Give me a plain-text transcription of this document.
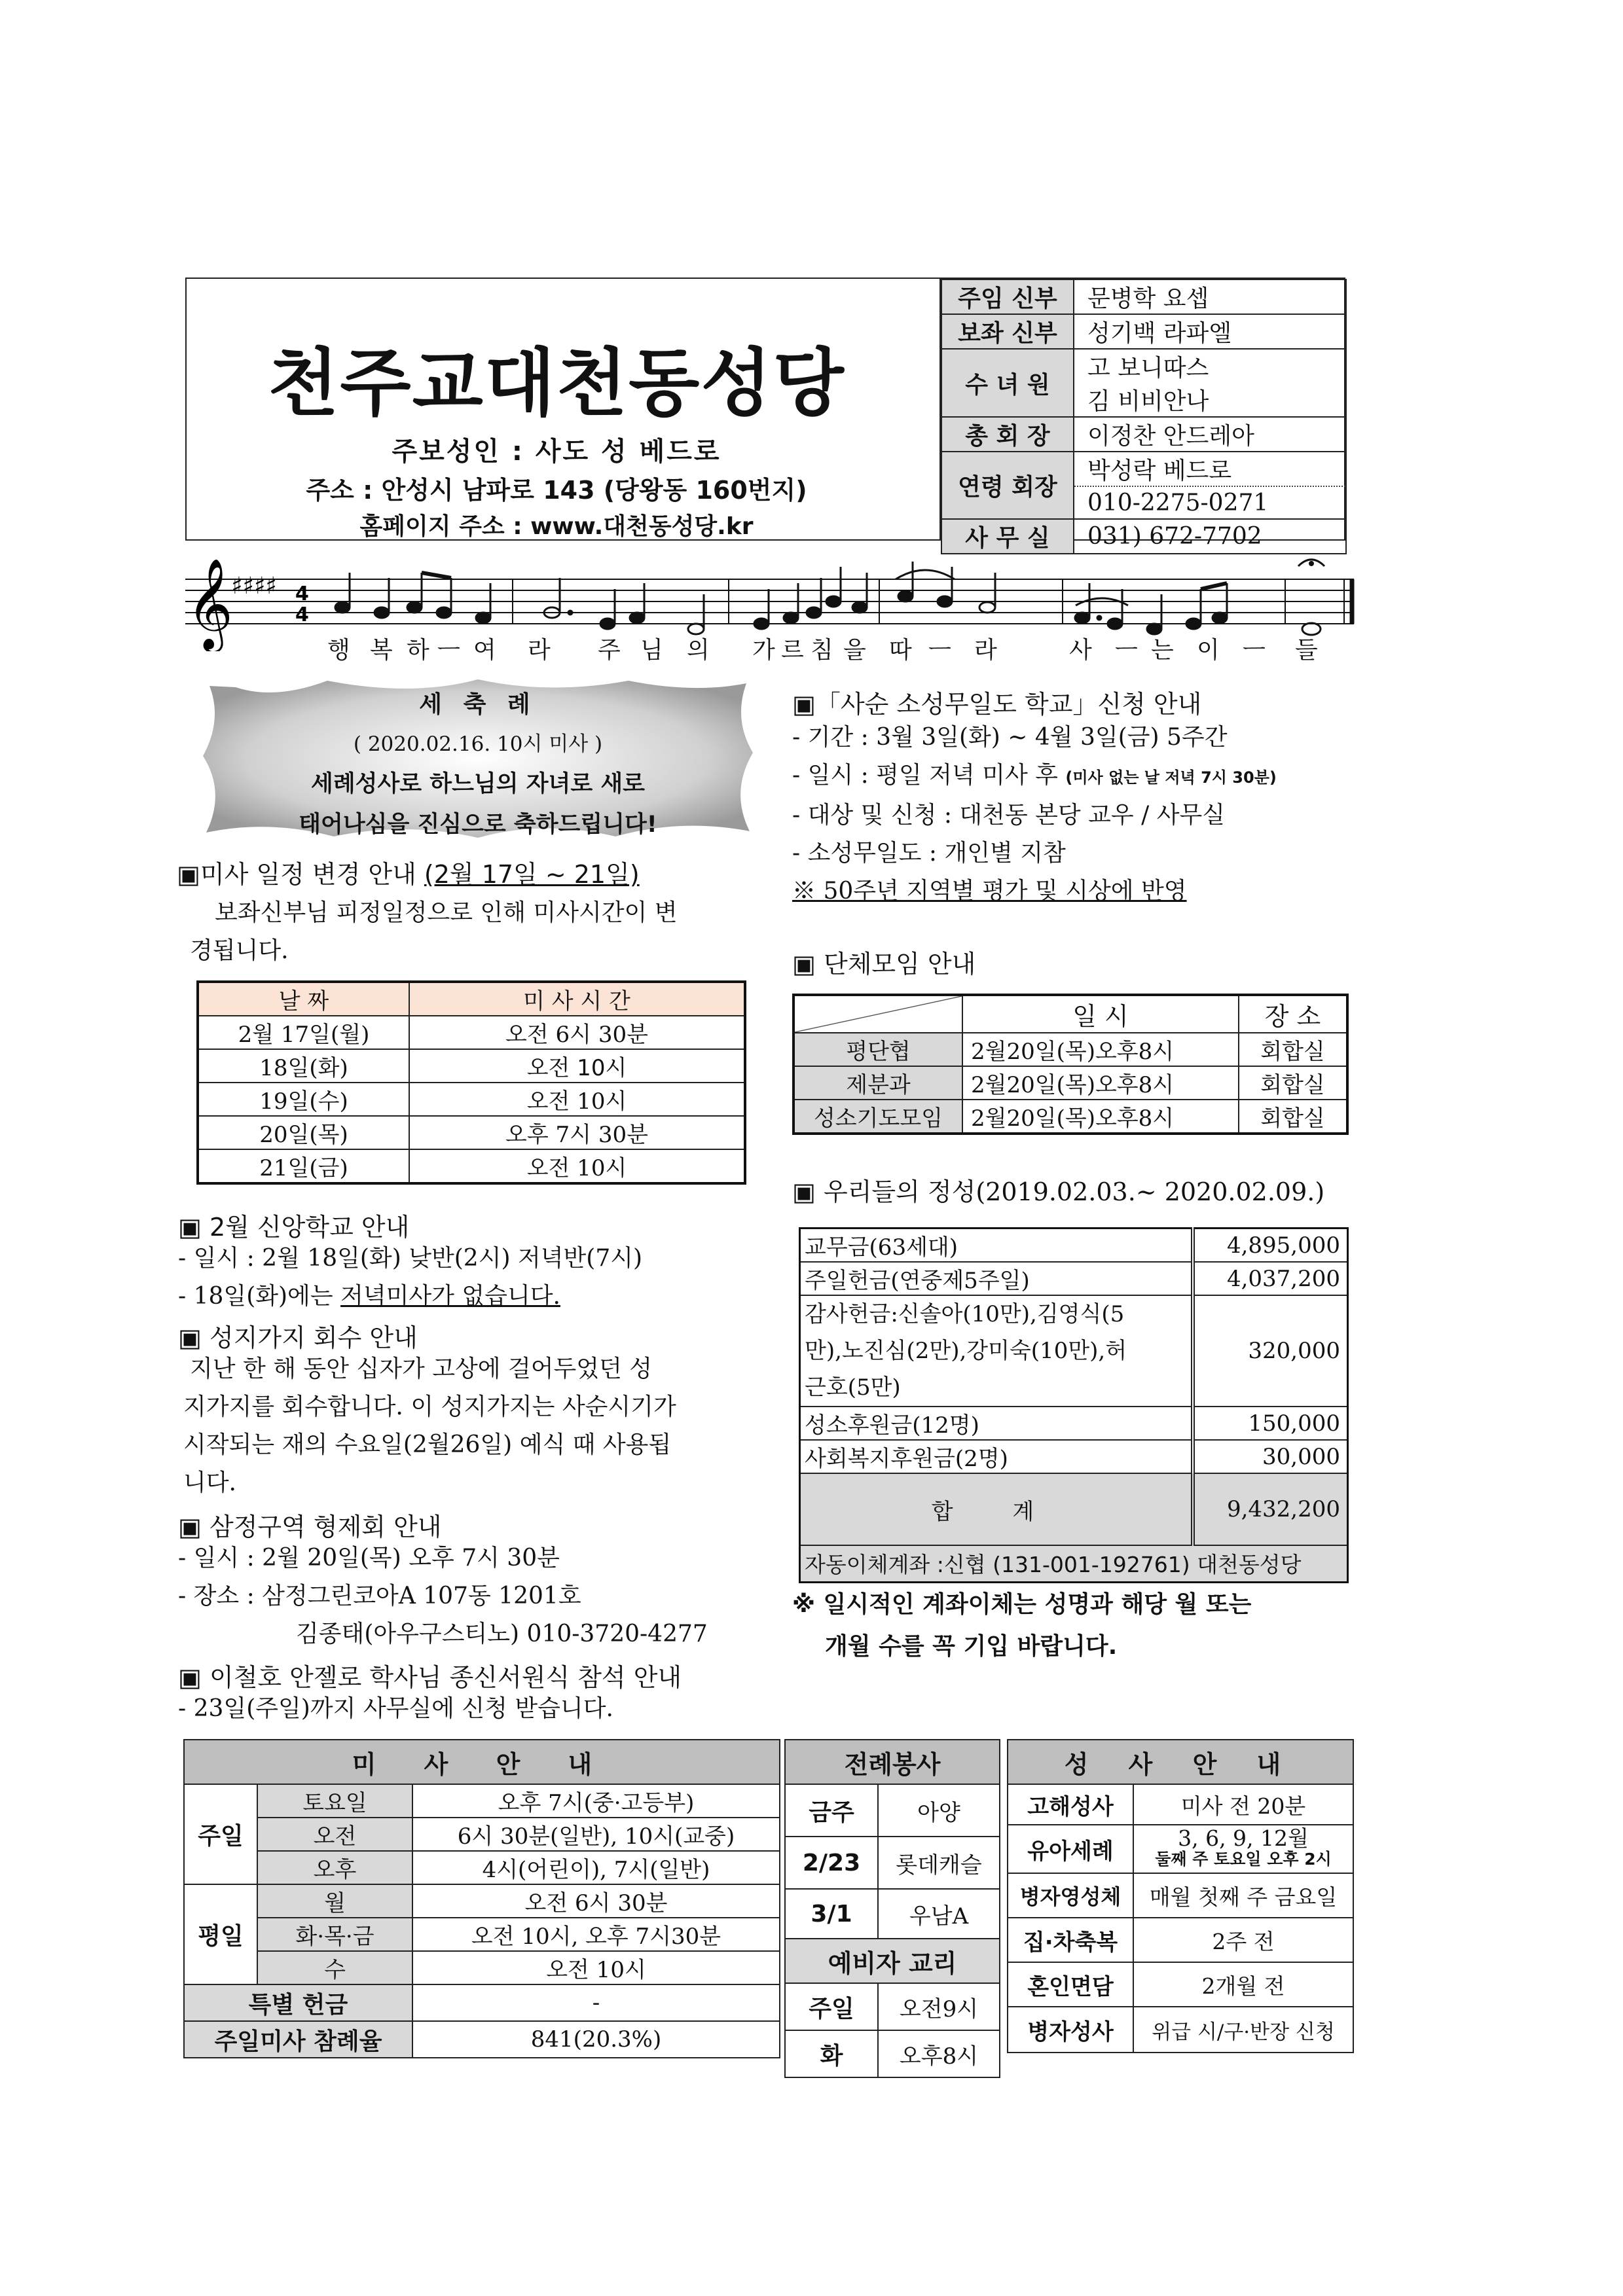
천주교대천동성당
주보성인 : 사도 성 베드로
주소 : 안성시 남파로 143 (당왕동 160번지)
홈페이지 주소 : www.대천동성당.kr
주임 신부	문병학 요셉
보좌 신부	성기백 라파엘
수 녀 원	고 보니따스
	김 비비안나
총 회 장	이정찬 안드레아
연령 회장	박성락 베드로
	010-2275-0271
사 무 실	031) 672-7702
𝄞
♯♯♯♯ 4
4
행 복 하 ㅡ 여 라 주 님 의 가 르 침 을 따 ㅡ 라	사 ㅡ 는 이 ㅡ 들
세 축 례
( 2020.02.16. 10시 미사 )
세례성사로 하느님의 자녀로 새로
태어나심을 진심으로 축하드립니다!
▣미사 일정 변경 안내 (2월 17일 ~ 21일)
보좌신부님 피정일정으로 인해 미사시간이 변
경됩니다.
날 짜	미 사 시 간
2월 17일(월)	오전 6시 30분
18일(화)	오전 10시
19일(수)	오전 10시
20일(목)	오후 7시 30분
21일(금)	오전 10시
▣ 2월 신앙학교 안내
- 일시 : 2월 18일(화) 낮반(2시) 저녁반(7시)
- 18일(화)에는 저녁미사가 없습니다.
▣ 성지가지 회수 안내
지난 한 해 동안 십자가 고상에 걸어두었던 성
지가지를 회수합니다. 이 성지가지는 사순시기가
시작되는 재의 수요일(2월26일) 예식 때 사용됩
니다.
▣ 삼정구역 형제회 안내
- 일시 : 2월 20일(목) 오후 7시 30분
- 장소 : 삼정그린코아A 107동 1201호
김종태(아우구스티노) 010-3720-4277
▣ 이철호 안젤로 학사님 종신서원식 참석 안내
- 23일(주일)까지 사무실에 신청 받습니다.
▣「사순 소성무일도 학교」신청 안내
- 기간 : 3월 3일(화) ~ 4월 3일(금) 5주간
- 일시 : 평일 저녁 미사 후 (미사 없는 날 저녁 7시 30분)
- 대상 및 신청 : 대천동 본당 교우 / 사무실
- 소성무일도 : 개인별 지참
※ 50주년 지역별 평가 및 시상에 반영
▣ 단체모임 안내
	일 시	장 소
평단협	2월20일(목)오후8시	회합실
제분과	2월20일(목)오후8시	회합실
성소기도모임	2월20일(목)오후8시	회합실
▣ 우리들의 정성(2019.02.03.~ 2020.02.09.)
교무금(63세대)	4,895,000
주일헌금(연중제5주일)	4,037,200
감사헌금:신솔아(10만),김영식(5
만),노진심(2만),강미숙(10만),허
근호(5만)	320,000
성소후원금(12명)	150,000
사회복지후원금(2명)	30,000
합 계	9,432,200
자동이체계좌 :신협 (131-001-192761) 대천동성당	
※ 일시적인 계좌이체는 성명과 해당 월 또는
개월 수를 꼭 기입 바랍니다.
미 사 안 내		
주일	토요일	오후 7시(중·고등부)
	오전	6시 30분(일반), 10시(교중)
	오후	4시(어린이), 7시(일반)
평일	월	오전 6시 30분
	화·목·금	오전 10시, 오후 7시30분
	수	오전 10시
특별 헌금		-
주일미사 참례율		841(20.3%)
전례봉사	
금주	아양
2/23	롯데캐슬
3/1	우남A
예비자 교리	
주일	오전9시
화	오후8시
성 사 안 내	
고해성사	미사 전 20분
유아세례	3, 6, 9, 12월
둘째 주 토요일 오후 2시

병자영성체	매월 첫째 주 금요일
집·차축복	2주 전
혼인면담	2개월 전
병자성사	위급 시/구·반장 신청
